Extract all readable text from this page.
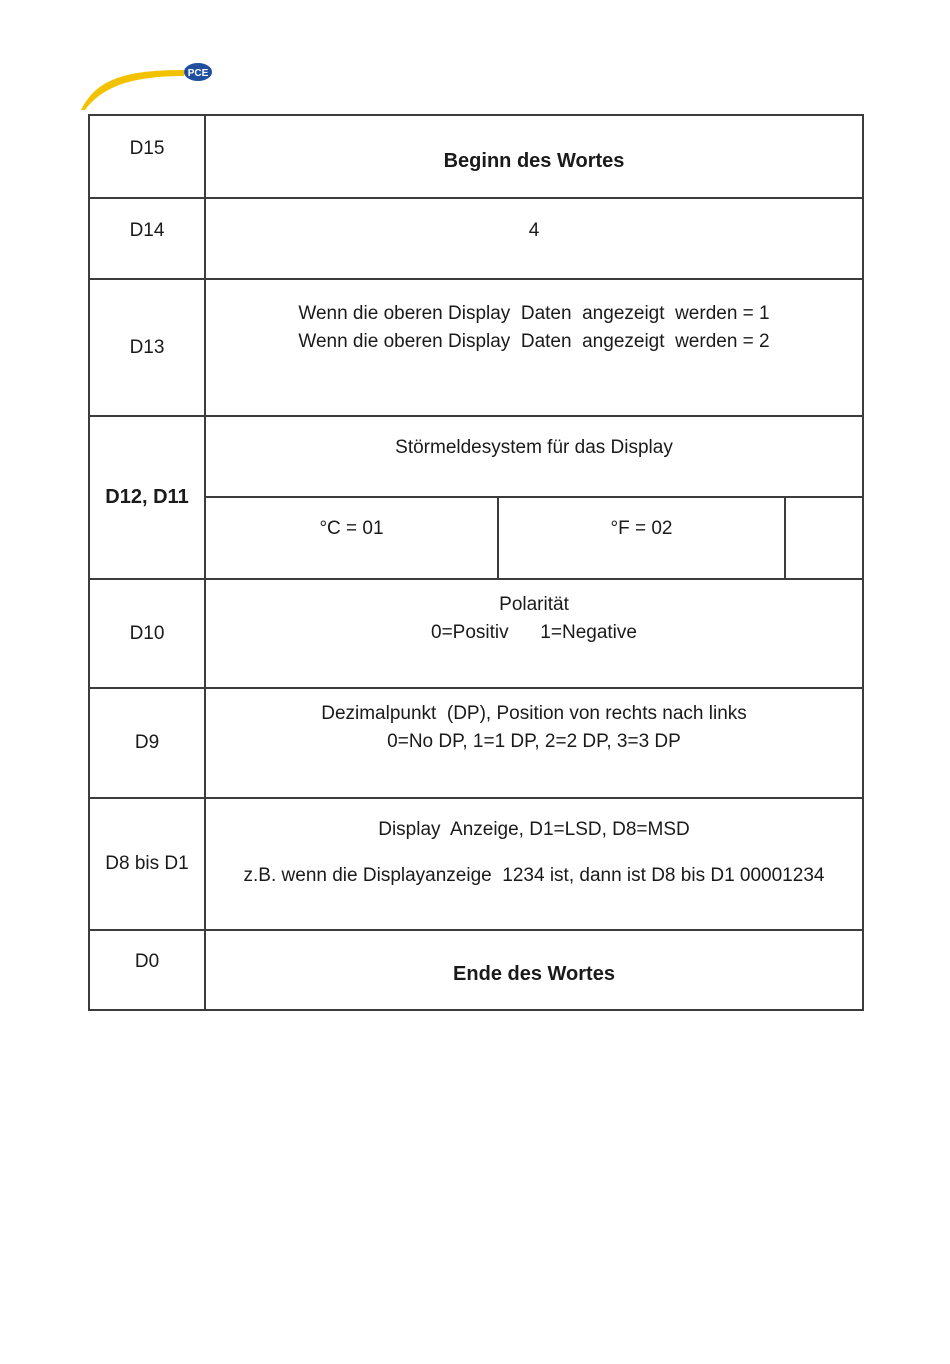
PCE
D15
Beginn des Wortes
D14	4
D13
Wenn die oberen Display  Daten  angezeigt  werden = 1
Wenn die oberen Display  Daten  angezeigt  werden = 2
D12, D11
Störmeldesystem für das Display
°C = 01	°F = 02
D10
Polarität
0=Positiv      1=Negative
D9
Dezimalpunkt  (DP), Position von rechts nach links
0=No DP, 1=1 DP, 2=2 DP, 3=3 DP
D8 bis D1
Display  Anzeige, D1=LSD, D8=MSD
z.B. wenn die Displayanzeige  1234 ist, dann ist D8 bis D1 00001234
D0
Ende des Wortes
